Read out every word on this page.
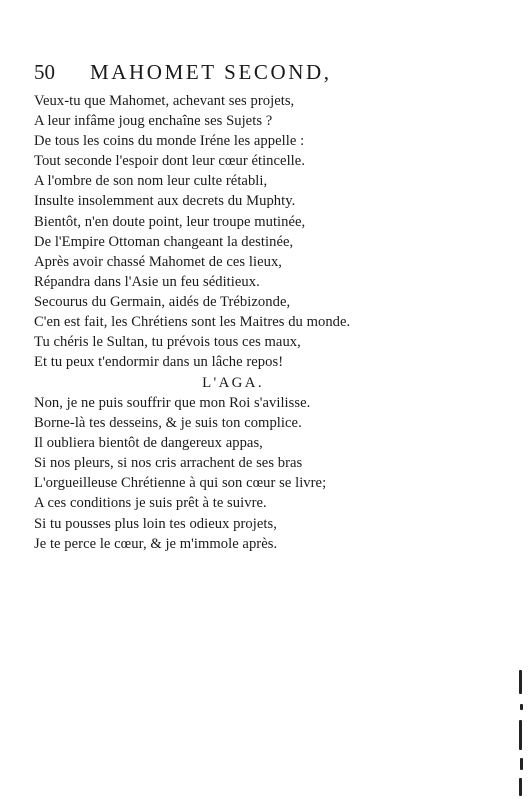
50 MAHOMET SECOND,
Veux-tu que Mahomet, achevant ses projets,
A leur infâme joug enchaîne ses Sujets ?
De tous les coins du monde Iréne les appelle :
Tout seconde l'espoir dont leur cœur étincelle.
A l'ombre de son nom leur culte rétabli,
Insulte insolemment aux decrets du Muphty.
Bientôt, n'en doute point, leur troupe mutinée,
De l'Empire Ottoman changeant la destinée,
Après avoir chassé Mahomet de ces lieux,
Répandra dans l'Asie un feu séditieux.
Secourus du Germain, aidés de Trébizonde,
C'en est fait, les Chrétiens sont les Maitres du monde.
Tu chéris le Sultan, tu prévois tous ces maux,
Et tu peux t'endormir dans un lâche repos!
L'AGA.
Non, je ne puis souffrir que mon Roi s'avilisse.
Borne-là tes desseins, & je suis ton complice.
Il oubliera bientôt de dangereux appas,
Si nos pleurs, si nos cris arrachent de ses bras
L'orgueilleuse Chrétienne à qui son cœur se livre;
A ces conditions je suis prêt à te suivre.
Si tu pousses plus loin tes odieux projets,
Je te perce le cœur, & je m'immole après.
